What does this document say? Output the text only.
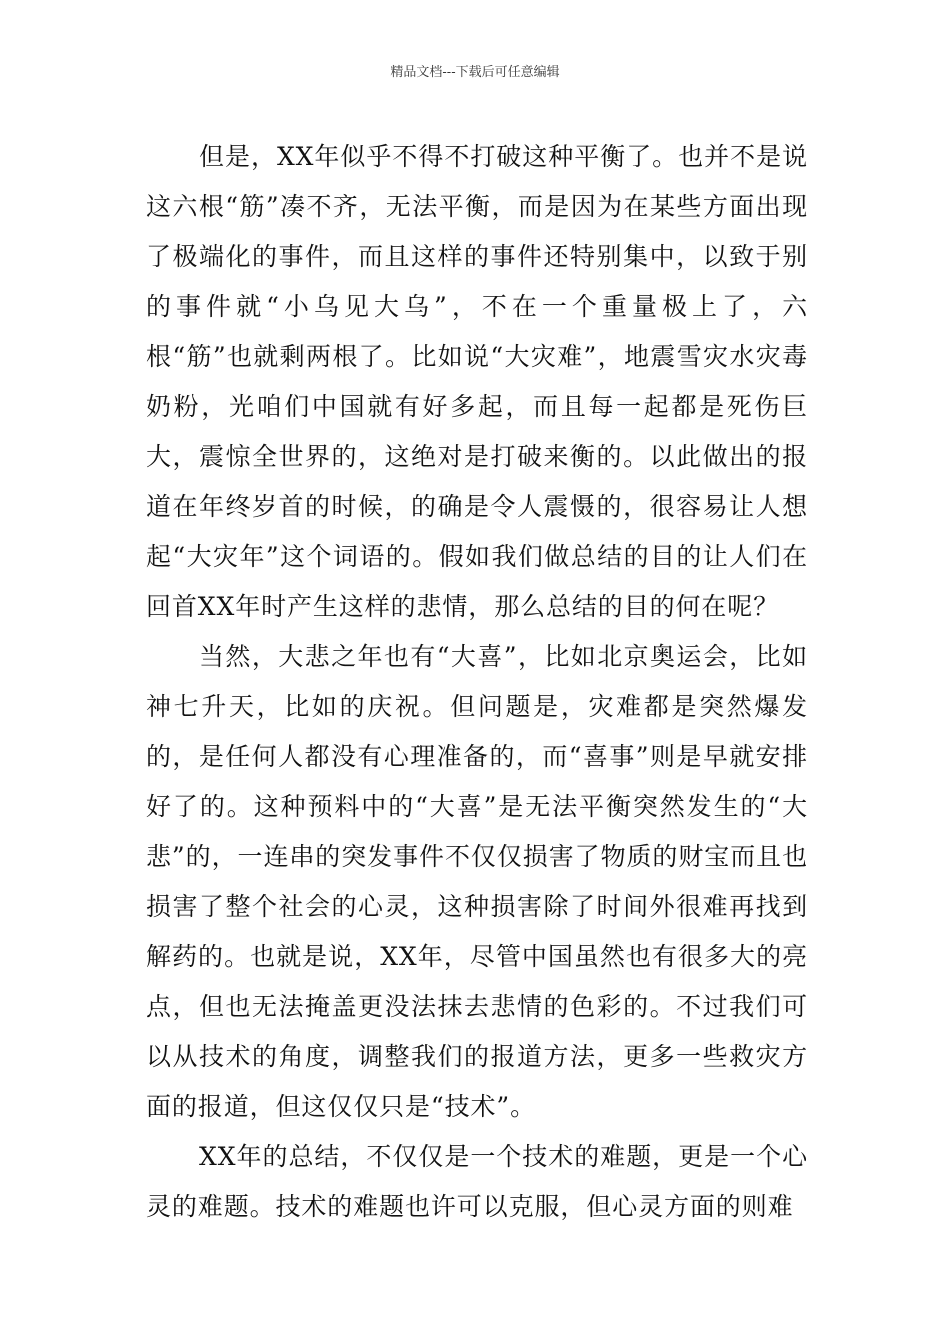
精品文档---下载后可任意编辑

但是，XX年似乎不得不打破这种平衡了。也并不是说这六根“筋”凑不齐，无法平衡，而是因为在某些方面出现了极端化的事件，而且这样的事件还特别集中，以致于别的事件就“小乌见大乌”，不在一个重量极上了，六根“筋”也就剩两根了。比如说“大灾难”，地震雪灾水灾毒奶粉，光咱们中国就有好多起，而且每一起都是死伤巨大，震惊全世界的，这绝对是打破来衡的。以此做出的报道在年终岁首的时候，的确是令人震慑的，很容易让人想起“大灾年”这个词语的。假如我们做总结的目的让人们在回首XX年时产生这样的悲情，那么总结的目的何在呢？

当然，大悲之年也有“大喜”，比如北京奥运会，比如神七升天，比如的庆祝。但问题是，灾难都是突然爆发的，是任何人都没有心理准备的，而“喜事”则是早就安排好了的。这种预料中的“大喜”是无法平衡突然发生的“大悲”的，一连串的突发事件不仅仅损害了物质的财宝而且也损害了整个社会的心灵，这种损害除了时间外很难再找到解药的。也就是说，XX年，尽管中国虽然也有很多大的亮点，但也无法掩盖更没法抹去悲情的色彩的。不过我们可以从技术的角度，调整我们的报道方法，更多一些救灾方面的报道，但这仅仅只是“技术”。

XX年的总结，不仅仅是一个技术的难题，更是一个心灵的难题。技术的难题也许可以克服，但心灵方面的则难
